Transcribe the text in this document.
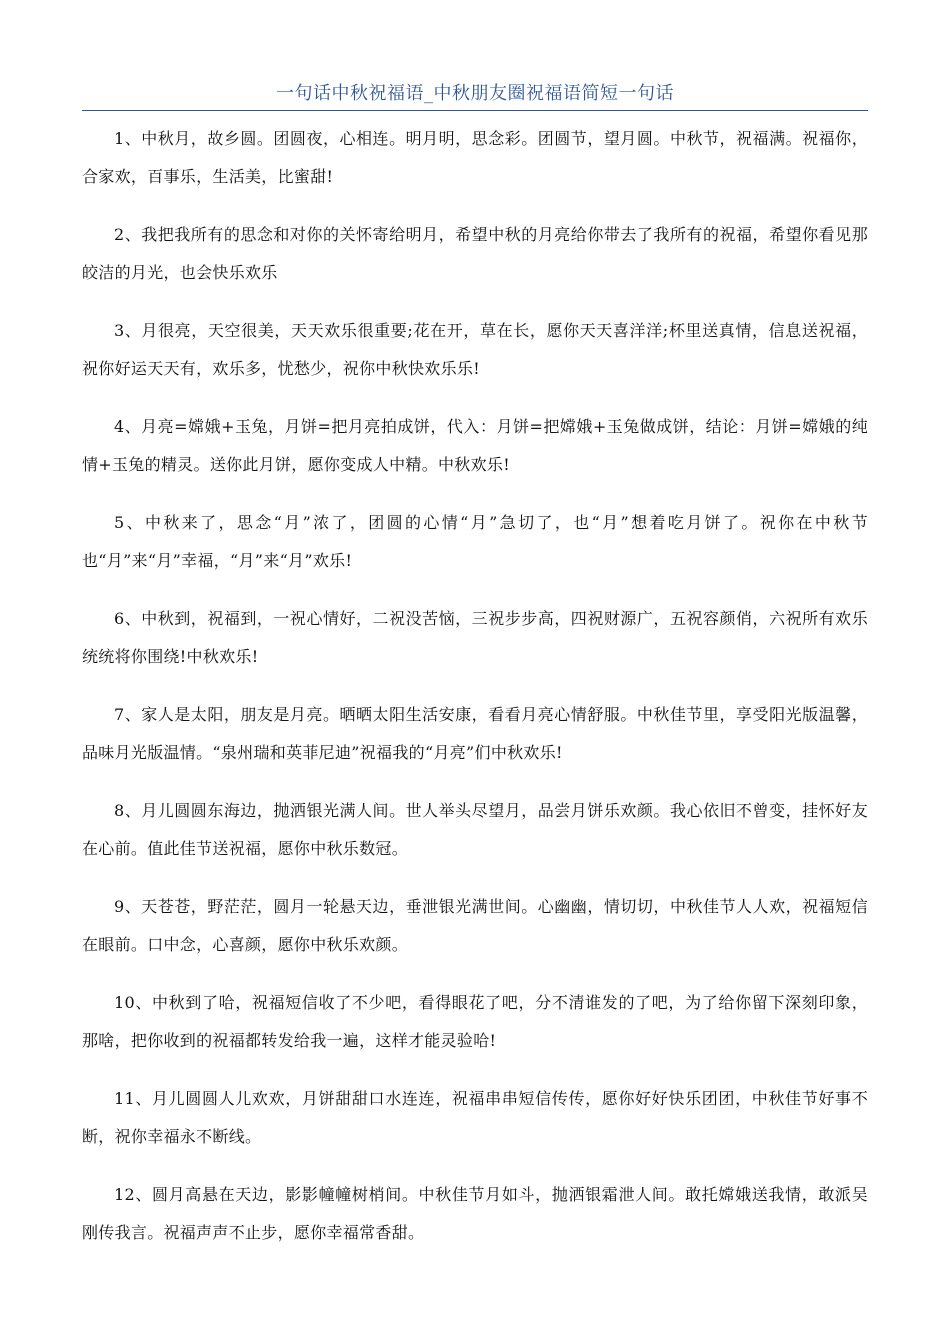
一句话中秋祝福语_中秋朋友圈祝福语简短一句话

1、中秋月，故乡圆。团圆夜，心相连。明月明，思念彩。团圆节，望月圆。中秋节，祝福满。祝福你，合家欢，百事乐，生活美，比蜜甜!

2、我把我所有的思念和对你的关怀寄给明月，希望中秋的月亮给你带去了我所有的祝福，希望你看见那皎洁的月光，也会快乐欢乐

3、月很亮，天空很美，天天欢乐很重要;花在开，草在长，愿你天天喜洋洋;杯里送真情，信息送祝福，祝你好运天天有，欢乐多，忧愁少，祝你中秋快欢乐乐!

4、月亮=嫦娥+玉兔，月饼=把月亮拍成饼，代入：月饼=把嫦娥+玉兔做成饼，结论：月饼=嫦娥的纯情+玉兔的精灵。送你此月饼，愿你变成人中精。中秋欢乐!

5、中秋来了，思念“月”浓了，团圆的心情“月”急切了，也“月”想着吃月饼了。祝你在中秋节也“月”来“月”幸福，“月”来“月”欢乐!

6、中秋到，祝福到，一祝心情好，二祝没苦恼，三祝步步高，四祝财源广，五祝容颜俏，六祝所有欢乐统统将你围绕!中秋欢乐!

7、家人是太阳，朋友是月亮。晒晒太阳生活安康，看看月亮心情舒服。中秋佳节里，享受阳光版温馨，品味月光版温情。“泉州瑞和英菲尼迪”祝福我的“月亮”们中秋欢乐!

8、月儿圆圆东海边，抛洒银光满人间。世人举头尽望月，品尝月饼乐欢颜。我心依旧不曾变，挂怀好友在心前。值此佳节送祝福，愿你中秋乐数冠。

9、天苍苍，野茫茫，圆月一轮悬天边，垂泄银光满世间。心幽幽，情切切，中秋佳节人人欢，祝福短信在眼前。口中念，心喜颜，愿你中秋乐欢颜。

10、中秋到了哈，祝福短信收了不少吧，看得眼花了吧，分不清谁发的了吧，为了给你留下深刻印象，那啥，把你收到的祝福都转发给我一遍，这样才能灵验哈!

11、月儿圆圆人儿欢欢，月饼甜甜口水连连，祝福串串短信传传，愿你好好快乐团团，中秋佳节好事不断，祝你幸福永不断线。

12、圆月高悬在天边，影影幢幢树梢间。中秋佳节月如斗，抛洒银霜泄人间。敢托嫦娥送我情，敢派吴刚传我言。祝福声声不止步，愿你幸福常香甜。
